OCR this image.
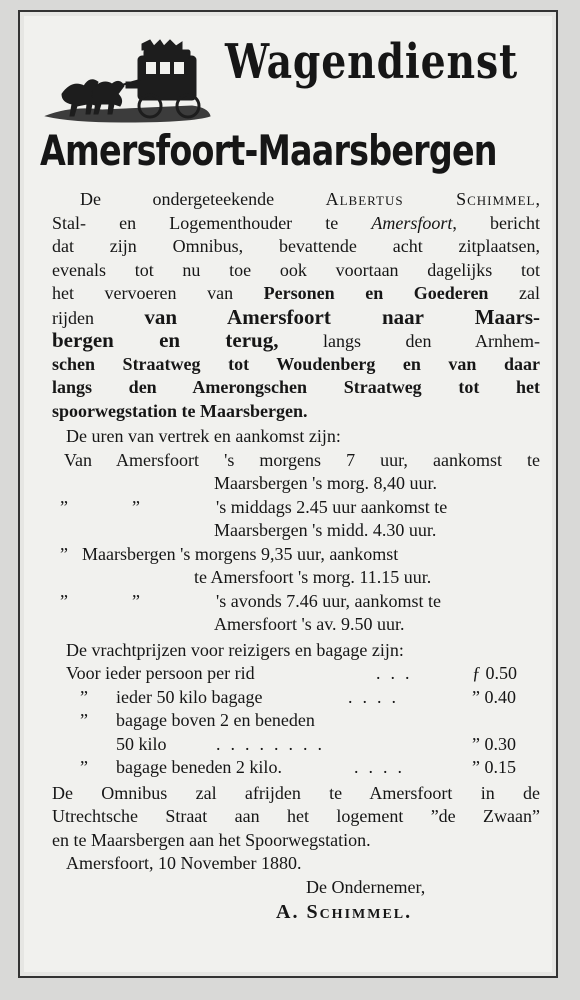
Wagendienst
Amersfoort-Maarsbergen
De ondergeteekende	Albertus Schimmel,
Stal- en Logementhouder te Amersfoort, bericht
dat zijn Omnibus, bevattende acht zitplaatsen,
evenals tot nu toe ook voortaan dagelijks tot
het vervoeren van Personen en Goederen zal
rijden van Amersfoort naar Maars-
bergen en terug, langs den Arnhem-
schen Straatweg tot Woudenberg en van daar
langs den Amerongschen Straatweg tot het
spoorwegstation te Maarsbergen.
De uren van vertrek en aankomst zijn:
Van Amersfoort 's morgens 7 uur, aankomst te
Maarsbergen 's morg. 8,40 uur.
”	”	's middags 2.45 uur aankomst te
Maarsbergen 's midd. 4.30 uur.
” Maarsbergen 's morgens 9,35 uur, aankomst
te Amersfoort 's morg. 11.15 uur.
”	”	's avonds 7.46 uur, aankomst te
Amersfoort 's av. 9.50 uur.
De vrachtprijzen voor reizigers en bagage zijn:
Voor ieder persoon per rid	...	ƒ 0.50
” ieder 50 kilo bagage	....	” 0.40
” bagage boven 2 en beneden
50 kilo	........	” 0.30
” bagage beneden 2 kilo.	....	” 0.15
De Omnibus zal afrijden te Amersfoort in de
Utrechtsche Straat aan het logement ”de Zwaan”
en te Maarsbergen aan het Spoorwegstation.
Amersfoort, 10 November 1880.
De Ondernemer,
A. Schimmel.
